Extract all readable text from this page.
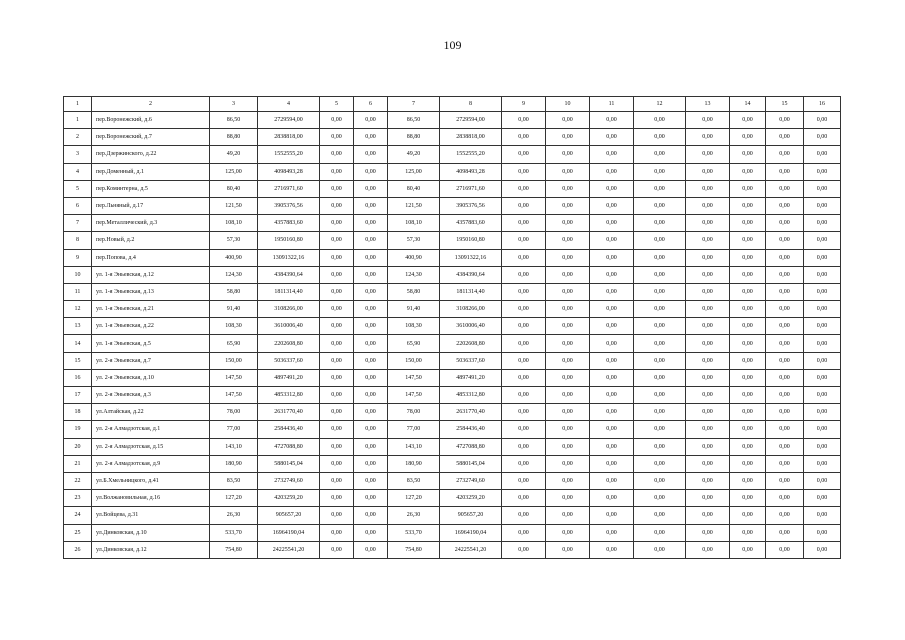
109
1	2	3	4	5	6	7	8	9	10	11	12	13	14	15	16
1	пер.Воронежский, д.6	86,50	2729594,00	0,00	0,00	86,50	2729594,00	0,00	0,00	0,00	0,00	0,00	0,00	0,00	0,00
2	пер.Воронежский, д.7	88,80	2838818,00	0,00	0,00	88,80	2838818,00	0,00	0,00	0,00	0,00	0,00	0,00	0,00	0,00
3	пер.Дзержинского, д.22	49,20	1552555,20	0,00	0,00	49,20	1552555,20	0,00	0,00	0,00	0,00	0,00	0,00	0,00	0,00
4	пер.Доменный, д.1	125,00	4098493,28	0,00	0,00	125,00	4098493,28	0,00	0,00	0,00	0,00	0,00	0,00	0,00	0,00
5	пер.Коминтерна, д.5	80,40	2716971,60	0,00	0,00	80,40	2716971,60	0,00	0,00	0,00	0,00	0,00	0,00	0,00	0,00
6	пер.Льняный, д.17	121,50	3905376,56	0,00	0,00	121,50	3905376,56	0,00	0,00	0,00	0,00	0,00	0,00	0,00	0,00
7	пер.Металлический, д.3	108,10	4357883,60	0,00	0,00	108,10	4357883,60	0,00	0,00	0,00	0,00	0,00	0,00	0,00	0,00
8	пер.Новый, д.2	57,30	1950160,80	0,00	0,00	57,30	1950160,80	0,00	0,00	0,00	0,00	0,00	0,00	0,00	0,00
9	пер.Попова, д.4	400,90	13091322,16	0,00	0,00	400,90	13091322,16	0,00	0,00	0,00	0,00	0,00	0,00	0,00	0,00
10	ул. 1-я Эньевская, д.12	124,30	4384390,64	0,00	0,00	124,30	4384390,64	0,00	0,00	0,00	0,00	0,00	0,00	0,00	0,00
11	ул. 1-я Эньевская, д.13	58,80	1811314,40	0,00	0,00	58,80	1811314,40	0,00	0,00	0,00	0,00	0,00	0,00	0,00	0,00
12	ул. 1-я Эньевская, д.21	91,40	3108266,00	0,00	0,00	91,40	3108266,00	0,00	0,00	0,00	0,00	0,00	0,00	0,00	0,00
13	ул. 1-я Эньевская, д.22	108,30	3610006,40	0,00	0,00	108,30	3610006,40	0,00	0,00	0,00	0,00	0,00	0,00	0,00	0,00
14	ул. 1-я Эньевская, д.5	65,90	2202608,80	0,00	0,00	65,90	2202608,80	0,00	0,00	0,00	0,00	0,00	0,00	0,00	0,00
15	ул. 2-я Эньевская, д.7	150,00	5036337,60	0,00	0,00	150,00	5036337,60	0,00	0,00	0,00	0,00	0,00	0,00	0,00	0,00
16	ул. 2-я Эньевская, д.10	147,50	4897491,20	0,00	0,00	147,50	4897491,20	0,00	0,00	0,00	0,00	0,00	0,00	0,00	0,00
17	ул. 2-я Эньевская, д.3	147,50	4853312,80	0,00	0,00	147,50	4853312,80	0,00	0,00	0,00	0,00	0,00	0,00	0,00	0,00
18	ул.Алтайская, д.22	78,00	2631770,40	0,00	0,00	78,00	2631770,40	0,00	0,00	0,00	0,00	0,00	0,00	0,00	0,00
19	ул. 2-я Алмадзотская, д.1	77,00	2584436,40	0,00	0,00	77,00	2584436,40	0,00	0,00	0,00	0,00	0,00	0,00	0,00	0,00
20	ул. 2-я Алмадзотская, д.15	143,10	4727088,80	0,00	0,00	143,10	4727088,80	0,00	0,00	0,00	0,00	0,00	0,00	0,00	0,00
21	ул. 2-я Алмадзотская, д.9	180,90	5880145,04	0,00	0,00	180,90	5880145,04	0,00	0,00	0,00	0,00	0,00	0,00	0,00	0,00
22	ул.Б.Хмельницкого, д.41	83,50	2732749,60	0,00	0,00	83,50	2732749,60	0,00	0,00	0,00	0,00	0,00	0,00	0,00	0,00
23	ул.Волжановильная, д.16	127,20	4203259,20	0,00	0,00	127,20	4203259,20	0,00	0,00	0,00	0,00	0,00	0,00	0,00	0,00
24	ул.Войцева, д.31	26,30	905657,20	0,00	0,00	26,30	905657,20	0,00	0,00	0,00	0,00	0,00	0,00	0,00	0,00
25	ул.Динковская, д.10	533,70	16964190,04	0,00	0,00	533,70	16964190,04	0,00	0,00	0,00	0,00	0,00	0,00	0,00	0,00
26	ул.Динковская, д.12	754,80	24225541,20	0,00	0,00	754,80	24225541,20	0,00	0,00	0,00	0,00	0,00	0,00	0,00	0,00
